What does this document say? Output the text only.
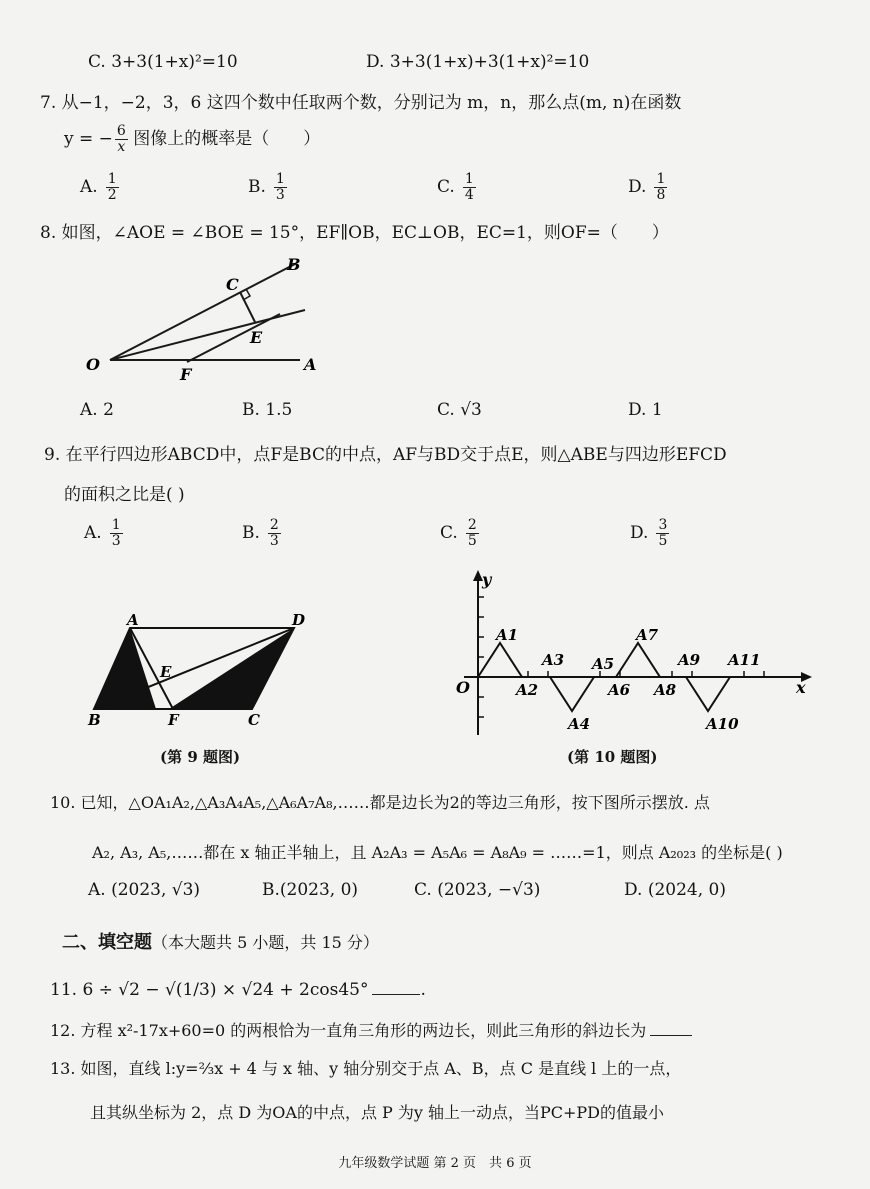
C. 3+3(1+x)²=10	D. 3+3(1+x)+3(1+x)²=10
7. 从−1，−2，3，6 这四个数中任取两个数，分别记为 m，n，那么点(m, n)在函数
y = − $\frac{6}{x}$ 图像上的概率是（　　）
A. $\frac{1}{2}$	B. $\frac{1}{3}$	C. $\frac{1}{4}$	D. $\frac{1}{8}$
8. 如图，∠AOE = ∠BOE = 15°，EF∥OB，EC⊥OB，EC=1，则OF=（　　）
O	A
B
C
E
F
A. 2	B. 1.5	C. √3	D. 1
9. 在平行四边形ABCD中，点F是BC的中点，AF与BD交于点E，则△ABE与四边形EFCD
的面积之比是( )
A. $\frac{1}{3}$	B. $\frac{2}{3}$	C. $\frac{2}{5}$	D. $\frac{3}{5}$
A	D
B	C
F
E
(第 9 题图)
y
x
O
A1
A2
A3
A4
A5
A6
A7
A8
A9
A10
A11
(第 10 题图)
10. 已知，△OA₁A₂,△A₃A₄A₅,△A₆A₇A₈,……都是边长为2的等边三角形，按下图所示摆放. 点
A₂, A₃, A₅,……都在 x 轴正半轴上，且 A₂A₃ = A₅A₆ = A₈A₉ = ……=1，则点 A₂₀₂₃ 的坐标是( )
A. (2023, √3)	B.(2023, 0)	C. (2023, −√3)	D. (2024, 0)
二、填空题（本大题共 5 小题，共 15 分）
11. 6 ÷ √2 − √(1/3) × √24 + 2cos45°	.
12. 方程 x²-17x+60=0 的两根恰为一直角三角形的两边长，则此三角形的斜边长为
13. 如图，直线 l:y=⅔x + 4 与 x 轴、y 轴分别交于点 A、B，点 C 是直线 l 上的一点，
且其纵坐标为 2，点 D 为OA的中点，点 P 为y 轴上一动点，当PC+PD的值最小
九年级数学试题 第 2 页　共 6 页
